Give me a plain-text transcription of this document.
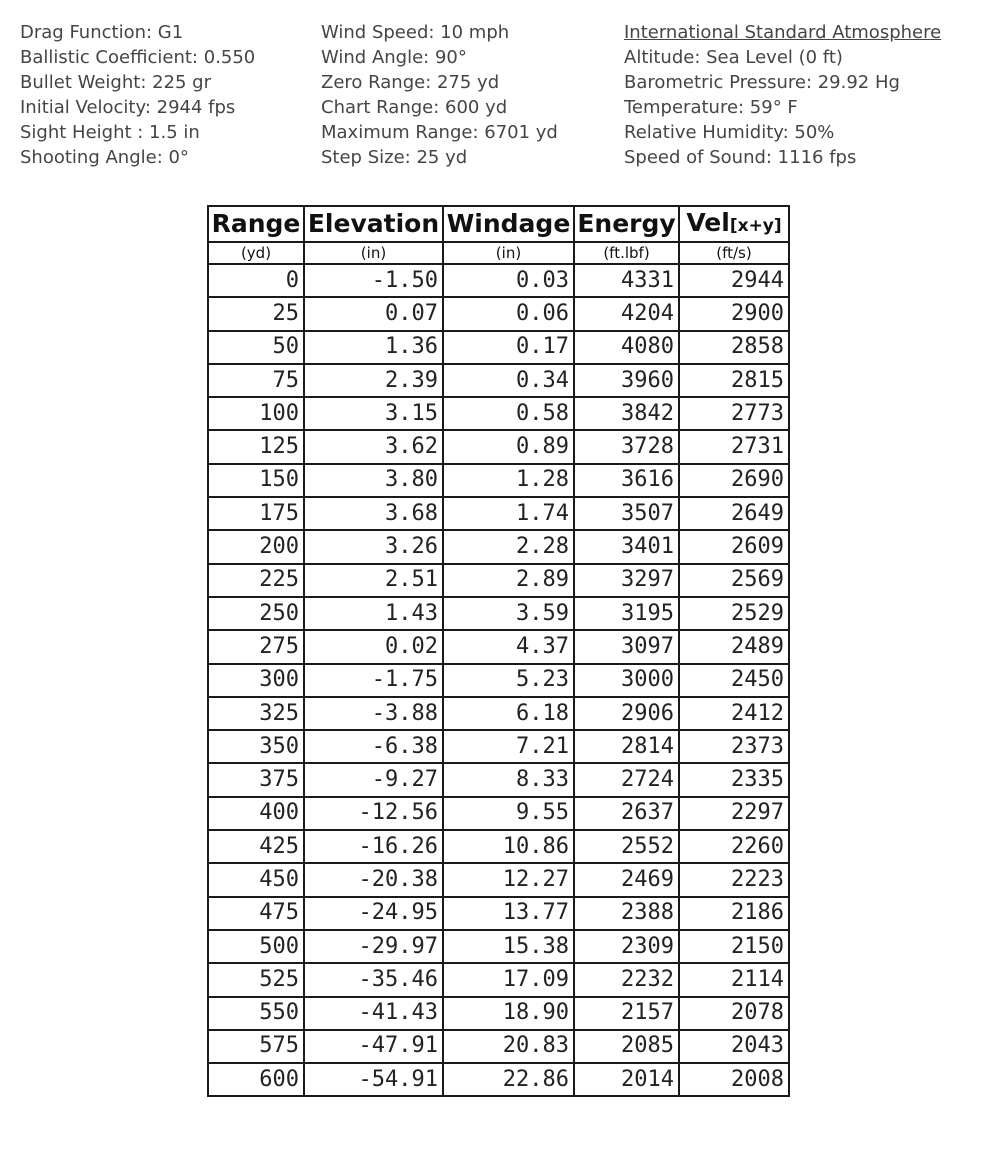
Drag Function: G1
Ballistic Coefficient: 0.550
Bullet Weight: 225 gr
Initial Velocity: 2944 fps
Sight Height : 1.5 in
Shooting Angle: 0°
Wind Speed: 10 mph
Wind Angle: 90°
Zero Range: 275 yd
Chart Range: 600 yd
Maximum Range: 6701 yd
Step Size: 25 yd
International Standard Atmosphere
Altitude: Sea Level (0 ft)
Barometric Pressure: 29.92 Hg
Temperature: 59° F
Relative Humidity: 50%
Speed of Sound: 1116 fps
Range	Elevation	Windage	Energy	Vel[x+y]
(yd)	(in)	(in)	(ft.lbf)	(ft/s)
0	-1.50	0.03	4331	2944
25	0.07	0.06	4204	2900
50	1.36	0.17	4080	2858
75	2.39	0.34	3960	2815
100	3.15	0.58	3842	2773
125	3.62	0.89	3728	2731
150	3.80	1.28	3616	2690
175	3.68	1.74	3507	2649
200	3.26	2.28	3401	2609
225	2.51	2.89	3297	2569
250	1.43	3.59	3195	2529
275	0.02	4.37	3097	2489
300	-1.75	5.23	3000	2450
325	-3.88	6.18	2906	2412
350	-6.38	7.21	2814	2373
375	-9.27	8.33	2724	2335
400	-12.56	9.55	2637	2297
425	-16.26	10.86	2552	2260
450	-20.38	12.27	2469	2223
475	-24.95	13.77	2388	2186
500	-29.97	15.38	2309	2150
525	-35.46	17.09	2232	2114
550	-41.43	18.90	2157	2078
575	-47.91	20.83	2085	2043
600	-54.91	22.86	2014	2008
